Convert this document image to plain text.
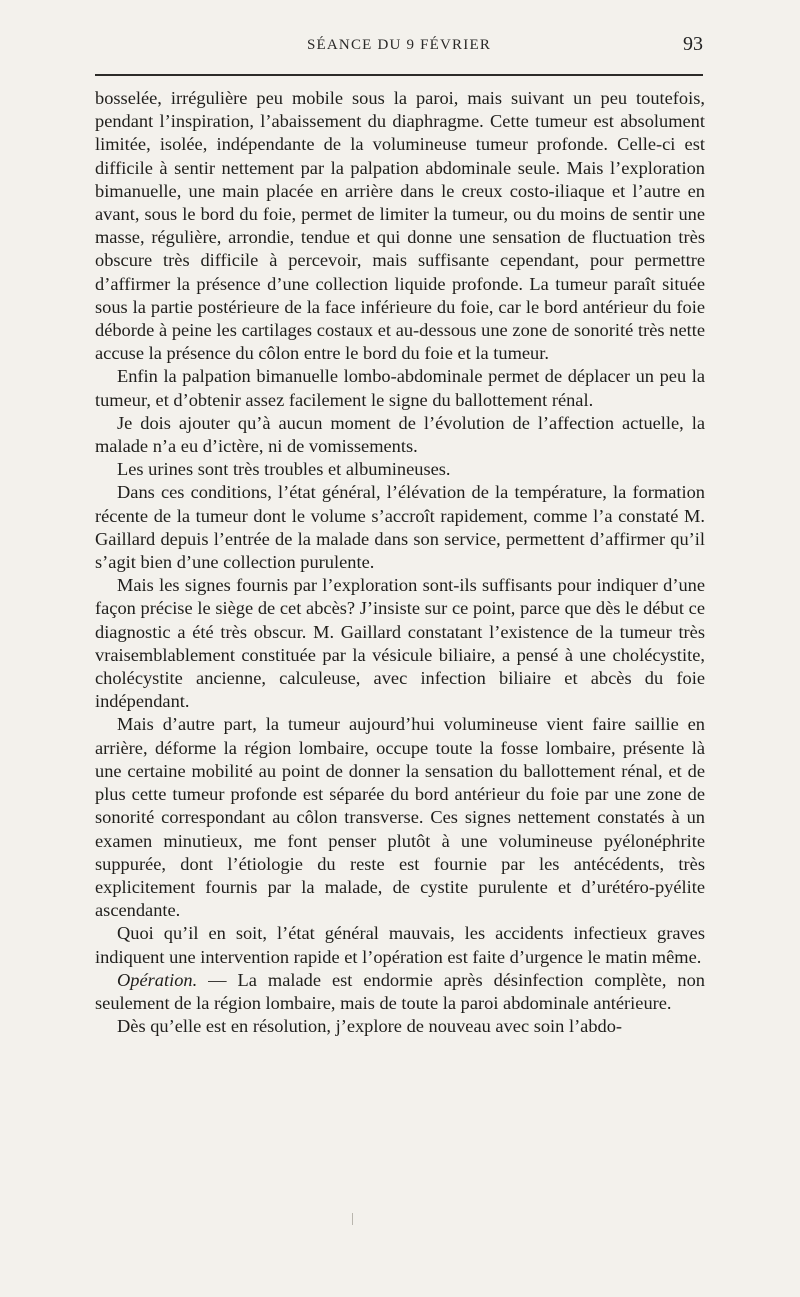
SÉANCE DU 9 FÉVRIER	93

bosselée, irrégulière peu mobile sous la paroi, mais suivant un peu toutefois, pendant l’inspiration, l’abaissement du diaphragme. Cette tumeur est absolument limitée, isolée, indépendante de la volumineuse tumeur profonde. Celle-ci est difficile à sentir nettement par la palpation abdominale seule. Mais l’exploration bimanuelle, une main placée en arrière dans le creux costo-iliaque et l’autre en avant, sous le bord du foie, permet de limiter la tumeur, ou du moins de sentir une masse, régulière, arrondie, tendue et qui donne une sensation de fluctuation très obscure très difficile à percevoir, mais suffisante cependant, pour permettre d’affirmer la présence d’une collection liquide profonde. La tumeur paraît située sous la partie postérieure de la face inférieure du foie, car le bord antérieur du foie déborde à peine les cartilages costaux et au-dessous une zone de sonorité très nette accuse la présence du côlon entre le bord du foie et la tumeur.

Enfin la palpation bimanuelle lombo-abdominale permet de déplacer un peu la tumeur, et d’obtenir assez facilement le signe du ballottement rénal.

Je dois ajouter qu’à aucun moment de l’évolution de l’affection actuelle, la malade n’a eu d’ictère, ni de vomissements.

Les urines sont très troubles et albumineuses.

Dans ces conditions, l’état général, l’élévation de la température, la formation récente de la tumeur dont le volume s’accroît rapidement, comme l’a constaté M. Gaillard depuis l’entrée de la malade dans son service, permettent d’affirmer qu’il s’agit bien d’une collection purulente.

Mais les signes fournis par l’exploration sont-ils suffisants pour indiquer d’une façon précise le siège de cet abcès? J’insiste sur ce point, parce que dès le début ce diagnostic a été très obscur. M. Gaillard constatant l’existence de la tumeur très vraisemblablement constituée par la vésicule biliaire, a pensé à une cholécystite, cholécystite ancienne, calculeuse, avec infection biliaire et abcès du foie indépendant.

Mais d’autre part, la tumeur aujourd’hui volumineuse vient faire saillie en arrière, déforme la région lombaire, occupe toute la fosse lombaire, présente là une certaine mobilité au point de donner la sensation du ballottement rénal, et de plus cette tumeur profonde est séparée du bord antérieur du foie par une zone de sonorité correspondant au côlon transverse. Ces signes nettement constatés à un examen minutieux, me font penser plutôt à une volumineuse pyélonéphrite suppurée, dont l’étiologie du reste est fournie par les antécédents, très explicitement fournis par la malade, de cystite purulente et d’urétéro-pyélite ascendante.

Quoi qu’il en soit, l’état général mauvais, les accidents infectieux graves indiquent une intervention rapide et l’opération est faite d’urgence le matin même.

Opération. — La malade est endormie après désinfection complète, non seulement de la région lombaire, mais de toute la paroi abdominale antérieure.

Dès qu’elle est en résolution, j’explore de nouveau avec soin l’abdo-
